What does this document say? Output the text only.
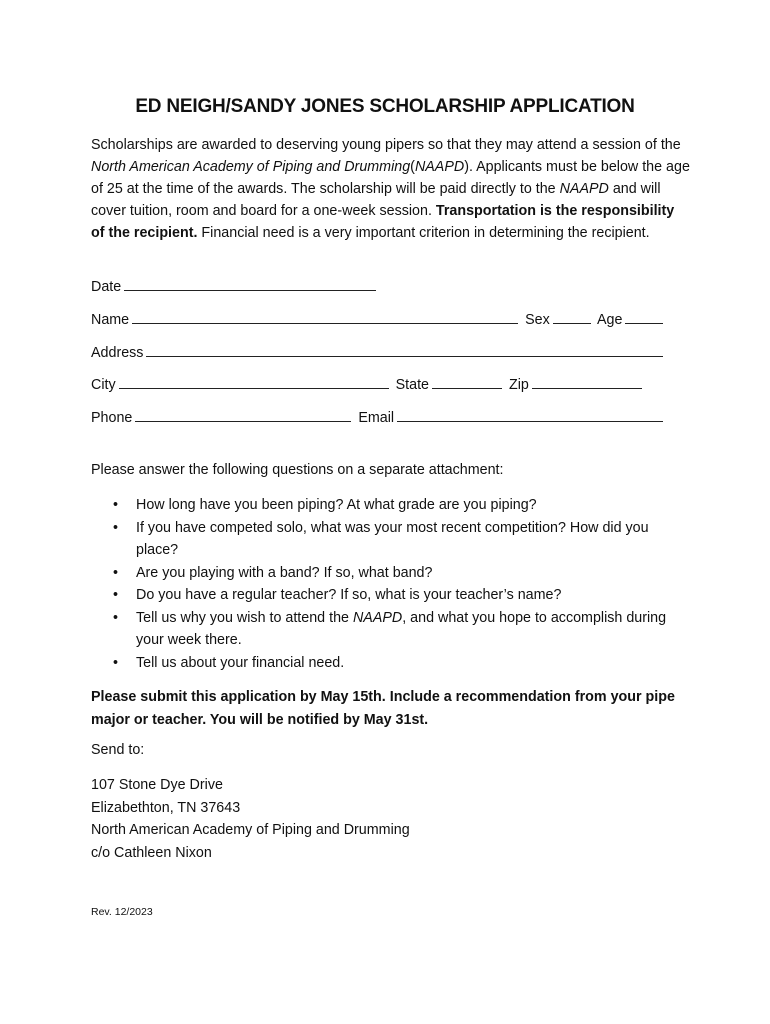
ED NEIGH/SANDY JONES SCHOLARSHIP APPLICATION
Scholarships are awarded to deserving young pipers so that they may attend a session of the North American Academy of Piping and Drumming(NAAPD). Applicants must be below the age of 25 at the time of the awards. The scholarship will be paid directly to the NAAPD and will cover tuition, room and board for a one-week session. Transportation is the responsibility of the recipient. Financial need is a very important criterion in determining the recipient.
Date
Name	Sex	Age
Address
City	State	Zip
Phone	Email
Please answer the following questions on a separate attachment:
• How long have you been piping? At what grade are you piping?
• If you have competed solo, what was your most recent competition? How did you place?
• Are you playing with a band? If so, what band?
• Do you have a regular teacher? If so, what is your teacher’s name?
• Tell us why you wish to attend the NAAPD, and what you hope to accomplish during your week there.
• Tell us about your financial need.
Please submit this application by May 15th. Include a recommendation from your pipe major or teacher. You will be notified by May 31st.
Send to:
107 Stone Dye Drive
Elizabethton, TN 37643
North American Academy of Piping and Drumming
c/o Cathleen Nixon
Rev. 12/2023
